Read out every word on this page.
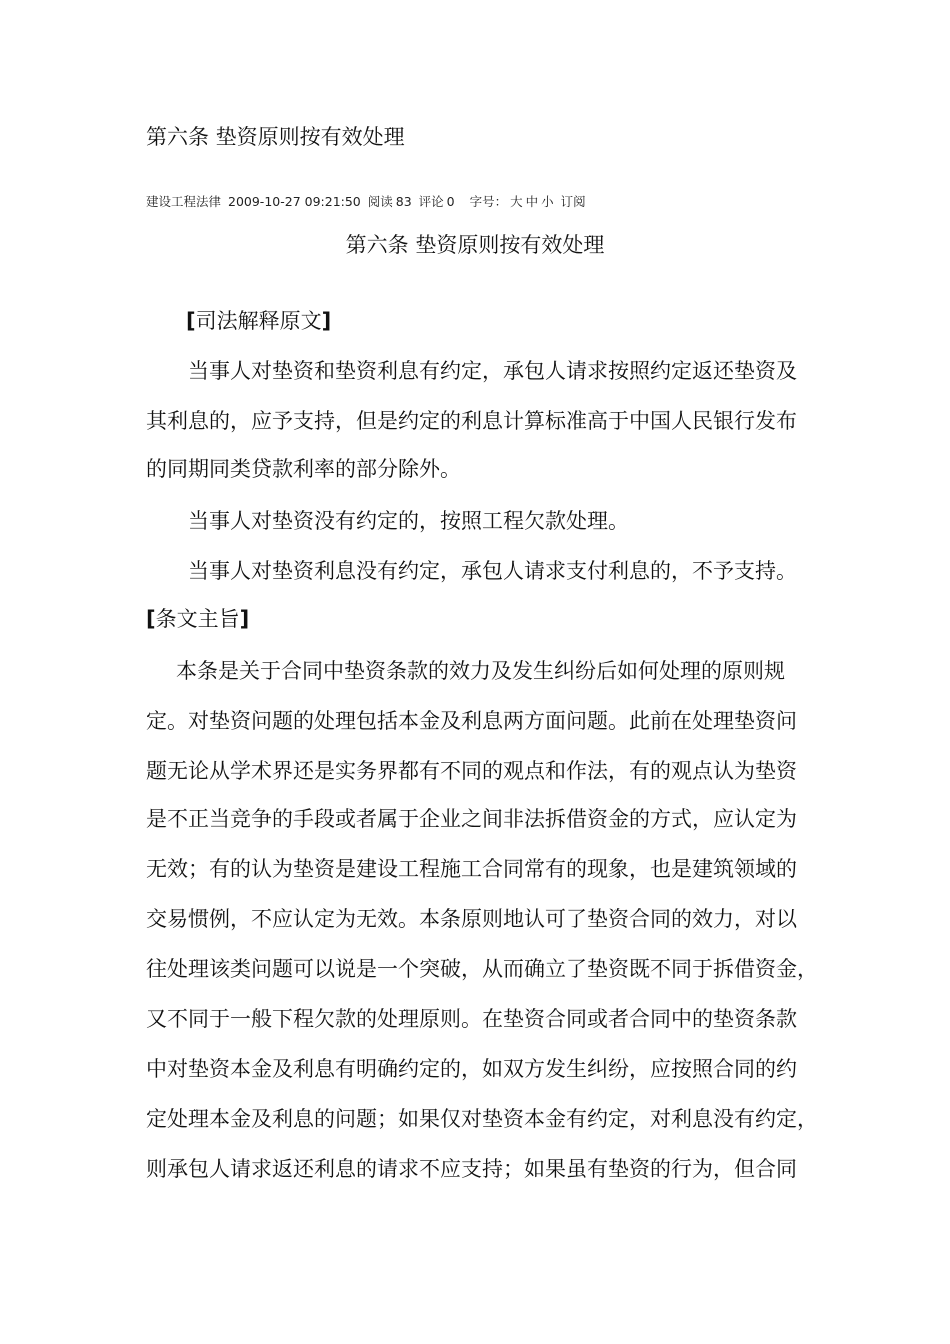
第六条 垫资原则按有效处理
建设工程法律 2009-10-27 09:21:50 阅读 83 评论 0 字号： 大 中 小 订阅
第六条 垫资原则按有效处理
[司法解释原文]
当事人对垫资和垫资利息有约定，承包人请求按照约定返还垫资及
其利息的，应予支持，但是约定的利息计算标准高于中国人民银行发布
的同期同类贷款利率的部分除外。
当事人对垫资没有约定的，按照工程欠款处理。
当事人对垫资利息没有约定，承包人请求支付利息的，不予支持。
[条文主旨]
本条是关于合同中垫资条款的效力及发生纠纷后如何处理的原则规
定。对垫资问题的处理包括本金及利息两方面问题。此前在处理垫资问
题无论从学术界还是实务界都有不同的观点和作法，有的观点认为垫资
是不正当竞争的手段或者属于企业之间非法拆借资金的方式，应认定为
无效；有的认为垫资是建设工程施工合同常有的现象，也是建筑领域的
交易惯例，不应认定为无效。本条原则地认可了垫资合同的效力，对以
往处理该类问题可以说是一个突破，从而确立了垫资既不同于拆借资金，
又不同于一般下程欠款的处理原则。在垫资合同或者合同中的垫资条款
中对垫资本金及利息有明确约定的，如双方发生纠纷，应按照合同的约
定处理本金及利息的问题；如果仅对垫资本金有约定，对利息没有约定，
则承包人请求返还利息的请求不应支持；如果虽有垫资的行为，但合同
